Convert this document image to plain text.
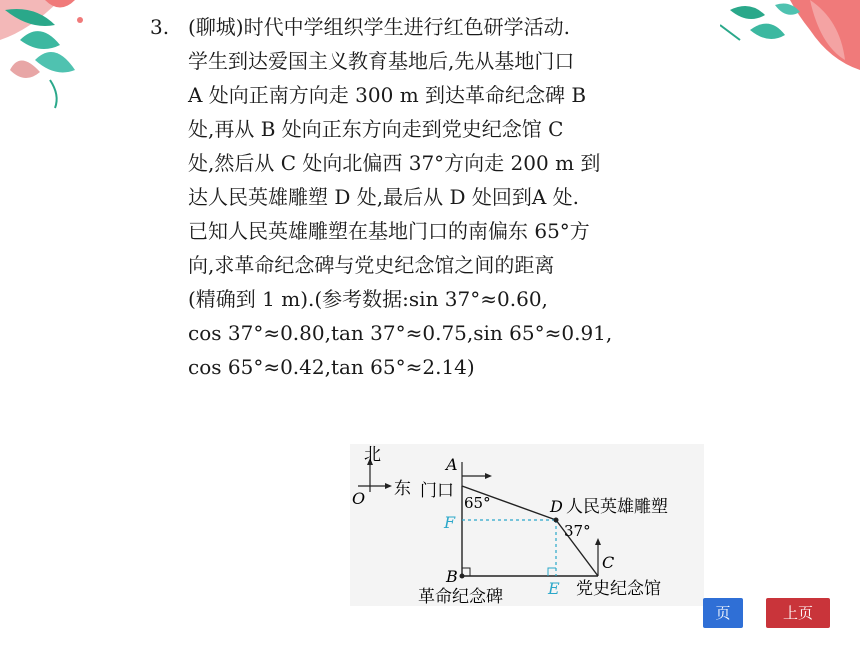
3. (聊城)时代中学组织学生进行红色研学活动.
学生到达爱国主义教育基地后,先从基地门口
A 处向正南方向走 300 m 到达革命纪念碑 B
处,再从 B 处向正东方向走到党史纪念馆 C
处,然后从 C 处向北偏西 37°方向走 200 m 到
达人民英雄雕塑 D 处,最后从 D 处回到A 处.
已知人民英雄雕塑在基地门口的南偏东 65°方
向,求革命纪念碑与党史纪念馆之间的距离
(精确到 1 m).(参考数据:sin 37°≈0.60,
cos 37°≈0.80,tan 37°≈0.75,sin 65°≈0.91,
cos 65°≈0.42,tan 65°≈2.14)
北
东
O
A
门口
65°	D 人民英雄雕塑
37°
F
C
B
E
革命纪念碑	党史纪念馆
页	上页
